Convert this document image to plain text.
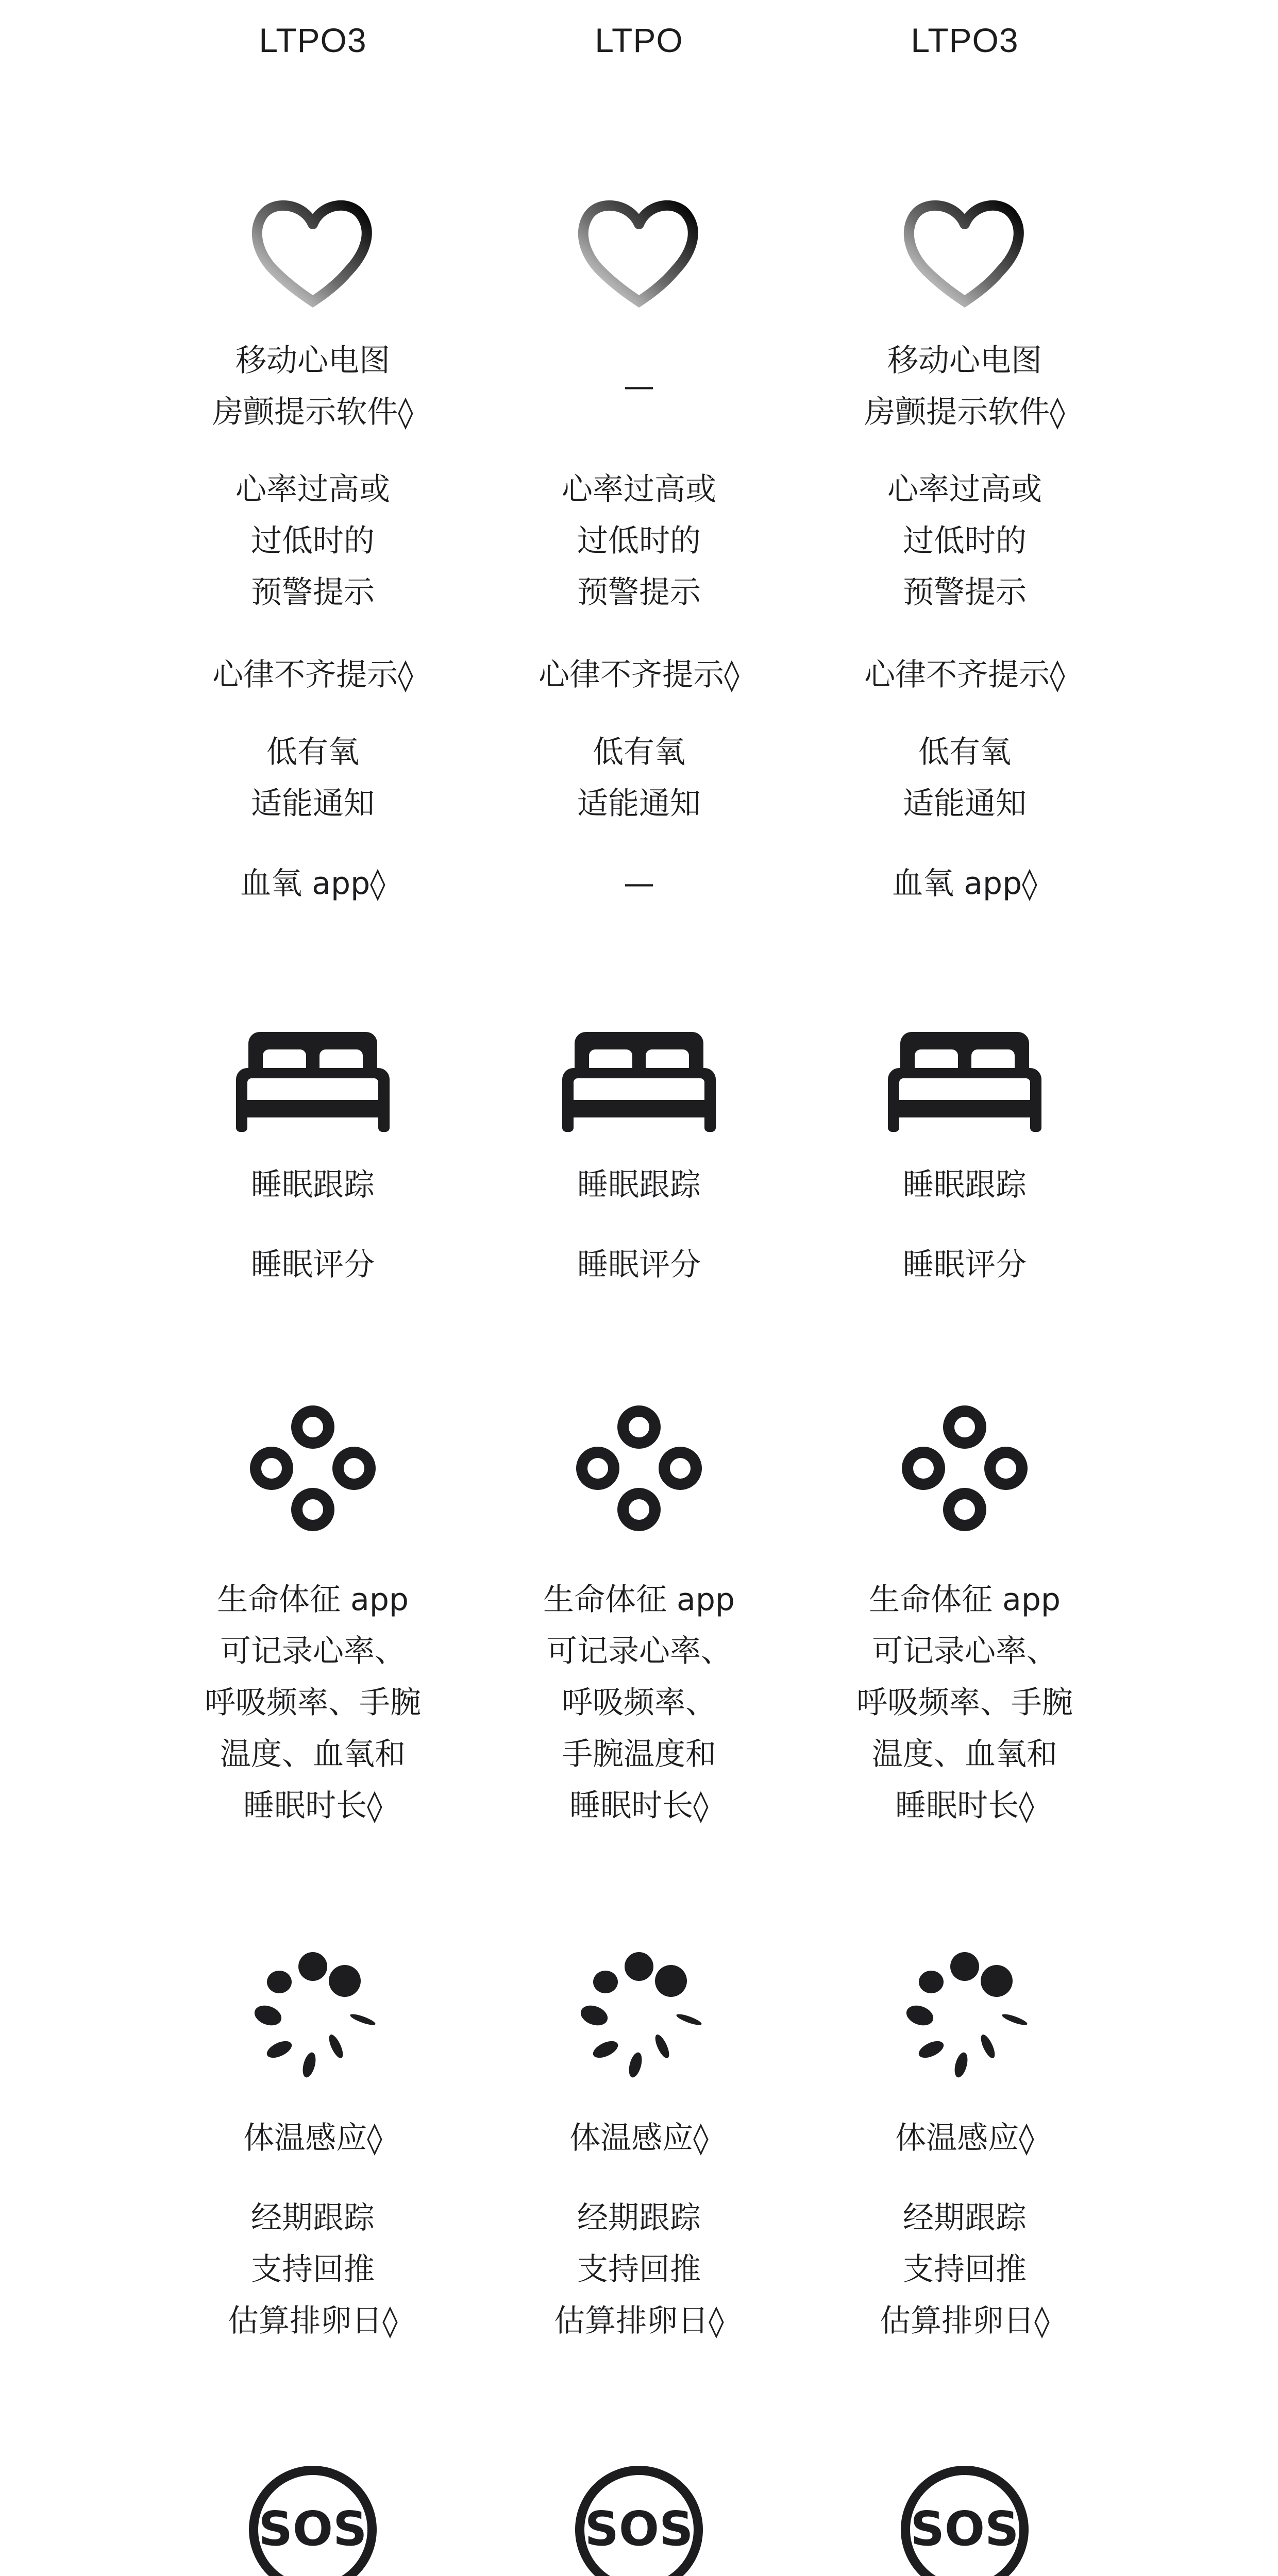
LTPO3
移动心电图
房颤提示软件◊
心率过高或
过低时的
预警提示
心律不齐提示◊
低有氧
适能通知
血氧 app◊
睡眠跟踪
睡眠评分
生命体征 app
可记录心率、
呼吸频率、手腕
温度、血氧和
睡眠时长◊
体温感应◊
经期跟踪
支持回推
估算排卵日◊
SOS
LTPO
—
心率过高或
过低时的
预警提示
心律不齐提示◊
低有氧
适能通知
—
睡眠跟踪
睡眠评分
生命体征 app
可记录心率、
呼吸频率、
手腕温度和
睡眠时长◊
体温感应◊
经期跟踪
支持回推
估算排卵日◊
SOS
LTPO3
移动心电图
房颤提示软件◊
心率过高或
过低时的
预警提示
心律不齐提示◊
低有氧
适能通知
血氧 app◊
睡眠跟踪
睡眠评分
生命体征 app
可记录心率、
呼吸频率、手腕
温度、血氧和
睡眠时长◊
体温感应◊
经期跟踪
支持回推
估算排卵日◊
SOS
